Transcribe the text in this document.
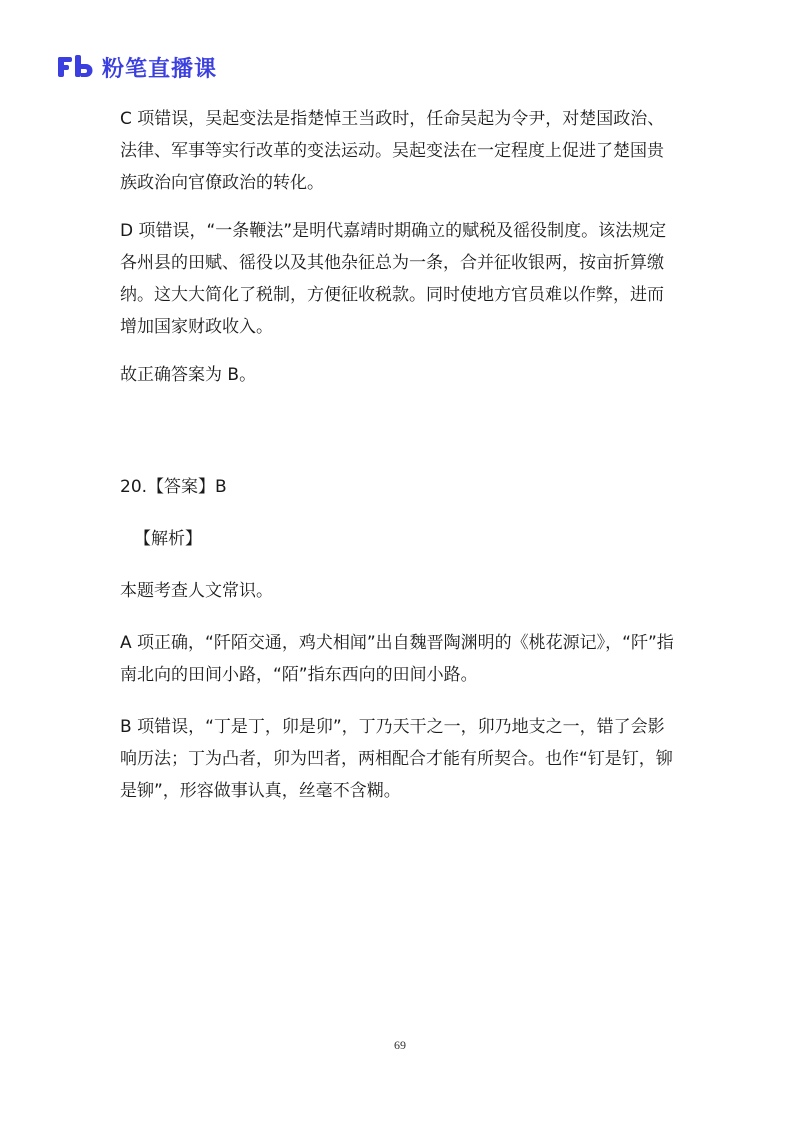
粉笔直播课

C 项错误，吴起变法是指楚悼王当政时，任命吴起为令尹，对楚国政治、法律、军事等实行改革的变法运动。吴起变法在一定程度上促进了楚国贵族政治向官僚政治的转化。

D 项错误，“一条鞭法”是明代嘉靖时期确立的赋税及徭役制度。该法规定各州县的田赋、徭役以及其他杂征总为一条，合并征收银两，按亩折算缴纳。这大大简化了税制，方便征收税款。同时使地方官员难以作弊，进而增加国家财政收入。

故正确答案为 B。

20.【答案】B

【解析】

本题考查人文常识。

A 项正确，“阡陌交通，鸡犬相闻”出自魏晋陶渊明的《桃花源记》，“阡”指南北向的田间小路，“陌”指东西向的田间小路。

B 项错误，“丁是丁，卯是卯”，丁乃天干之一，卯乃地支之一，错了会影响历法；丁为凸者，卯为凹者，两相配合才能有所契合。也作“钉是钉，铆是铆”，形容做事认真，丝毫不含糊。

69
